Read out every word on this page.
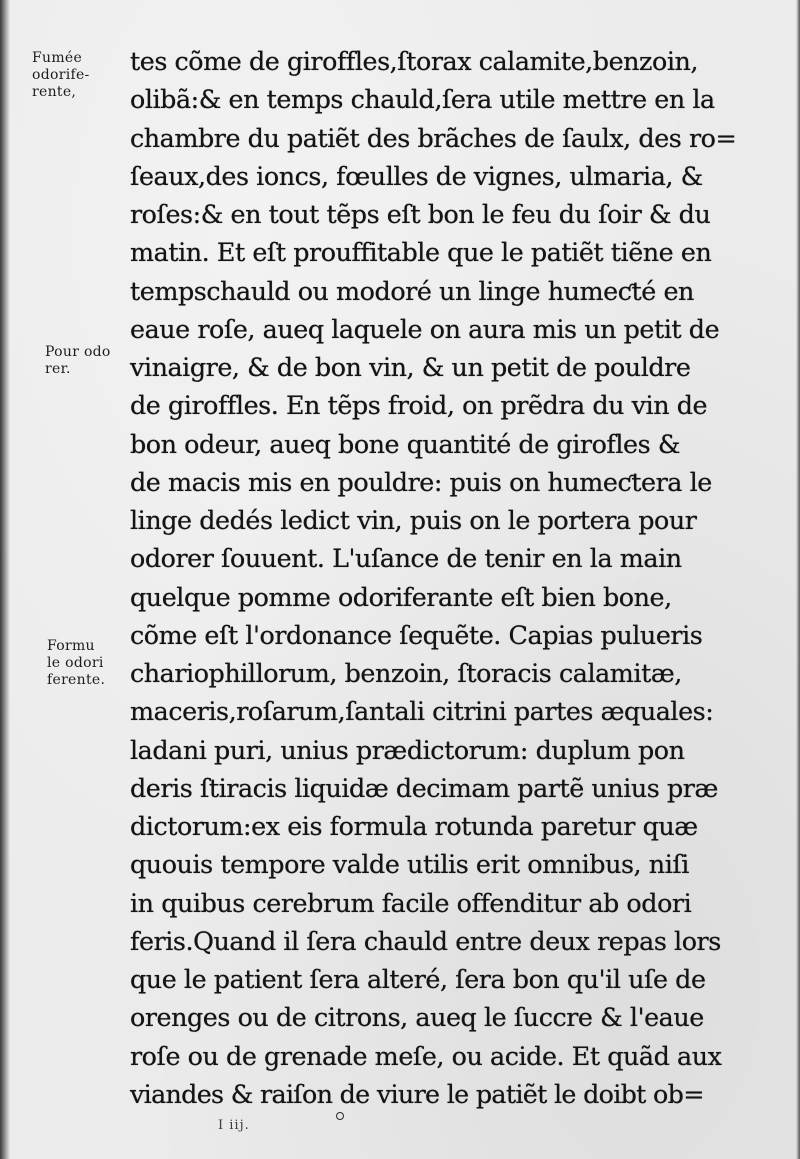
Fumée
odorife-
rente,
Pour odo
rer.
Formu
le odori
ferente.
tes cõme de giroffles,ſtorax calamite,benzoin,
olibã:& en temps chauld,ſera utile mettre en la
chambre du patiẽt des brãches de ſaulx, des ro=
ſeaux,des ioncs, fœulles de vignes, ulmaria, &
roſes:& en tout tẽps eſt bon le feu du ſoir & du
matin. Et eſt prouffitable que le patiẽt tiẽne en
tempschauld ou modoré un linge humeƈté en
eaue roſe, aueq laquele on aura mis un petit de
vinaigre, & de bon vin, & un petit de pouldre
de giroffles. En tẽps froid, on prẽdra du vin de
bon odeur, aueq bone quantité de girofles &
de macis mis en pouldre: puis on humeƈtera le
linge dedés ledict vin, puis on le portera pour
odorer ſouuent. L'uſance de tenir en la main
quelque pomme odoriferante eſt bien bone,
cõme eſt l'ordonance ſequẽte. Capias pulueris
chariophillorum, benzoin, ſtoracis calamitæ,
maceris,roſarum,ſantali citrini partes æquales:
ladani puri, unius prædictorum: duplum pon
deris ſtiracis liquidæ decimam partẽ unius præ
dictorum:ex eis formula rotunda paretur quæ
quouis tempore valde utilis erit omnibus, niſi
in quibus cerebrum facile offenditur ab odori
feris.Quand il ſera chauld entre deux repas lors
que le patient ſera alteré, ſera bon qu'il uſe de
orenges ou de citrons, aueq le ſuccre & l'eaue
roſe ou de grenade meſe, ou acide. Et quãd aux
viandes & raiſon de viure le patiẽt le doibt ob=
I iij.
